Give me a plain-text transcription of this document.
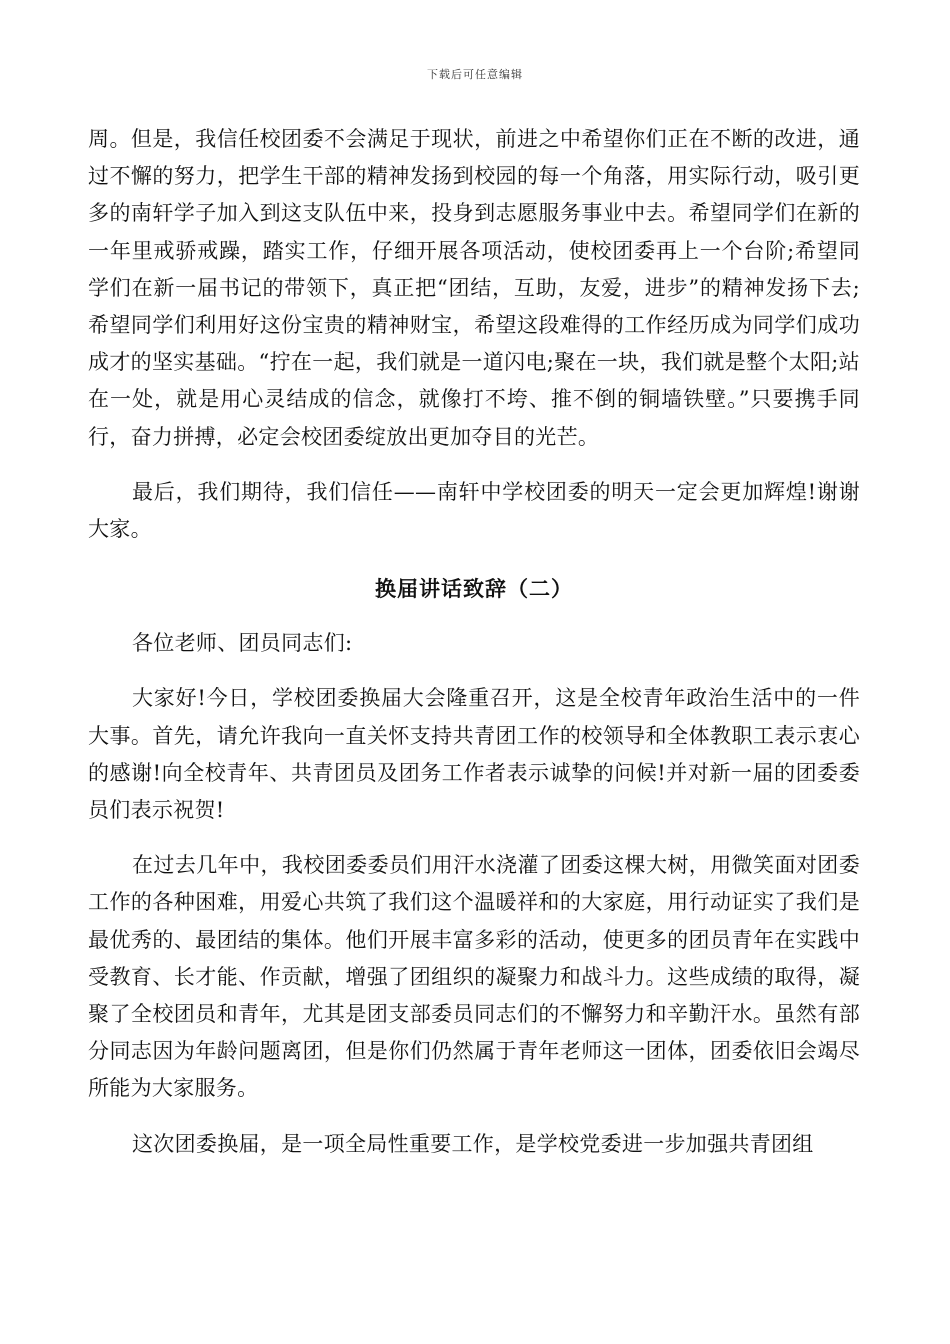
下载后可任意编辑

周。但是，我信任校团委不会满足于现状，前进之中希望你们正在不断的改进，通过不懈的努力，把学生干部的精神发扬到校园的每一个角落，用实际行动，吸引更多的南轩学子加入到这支队伍中来，投身到志愿服务事业中去。希望同学们在新的一年里戒骄戒躁，踏实工作，仔细开展各项活动，使校团委再上一个台阶;希望同学们在新一届书记的带领下，真正把“团结，互助，友爱，进步”的精神发扬下去;希望同学们利用好这份宝贵的精神财宝，希望这段难得的工作经历成为同学们成功成才的坚实基础。“拧在一起，我们就是一道闪电;聚在一块，我们就是整个太阳;站在一处，就是用心灵结成的信念，就像打不垮、推不倒的铜墙铁壁。”只要携手同行，奋力拼搏，必定会校团委绽放出更加夺目的光芒。

最后，我们期待，我们信任——南轩中学校团委的明天一定会更加辉煌!谢谢大家。

换届讲话致辞（二）

各位老师、团员同志们:

大家好!今日，学校团委换届大会隆重召开，这是全校青年政治生活中的一件大事。首先，请允许我向一直关怀支持共青团工作的校领导和全体教职工表示衷心的感谢!向全校青年、共青团员及团务工作者表示诚挚的问候!并对新一届的团委委员们表示祝贺!

在过去几年中，我校团委委员们用汗水浇灌了团委这棵大树，用微笑面对团委工作的各种困难，用爱心共筑了我们这个温暖祥和的大家庭，用行动证实了我们是最优秀的、最团结的集体。他们开展丰富多彩的活动，使更多的团员青年在实践中受教育、长才能、作贡献，增强了团组织的凝聚力和战斗力。这些成绩的取得，凝聚了全校团员和青年，尤其是团支部委员同志们的不懈努力和辛勤汗水。虽然有部分同志因为年龄问题离团，但是你们仍然属于青年老师这一团体，团委依旧会竭尽所能为大家服务。

这次团委换届，是一项全局性重要工作，是学校党委进一步加强共青团组
